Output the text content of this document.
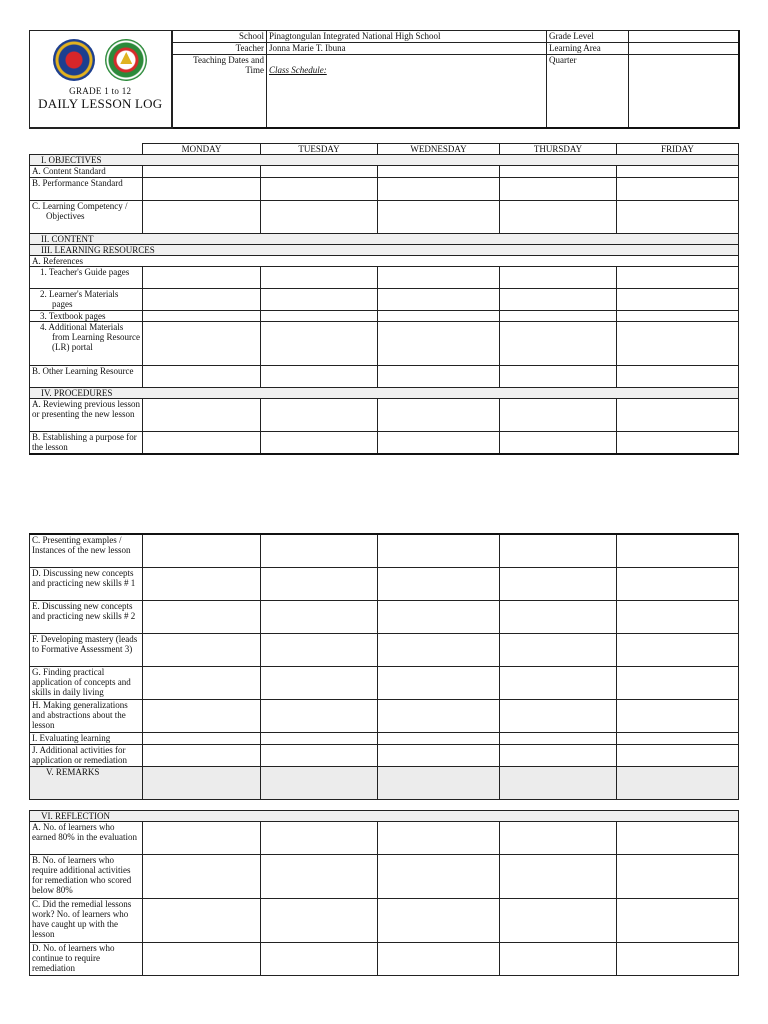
GRADE 1 to 12
DAILY LESSON LOG	School	Pinagtongulan Integrated National High School	Grade Level	
	Teacher	Jonna Marie T. Ibuna	Learning Area	
	Teaching Dates and Time	Class Schedule:	Quarter	

	MONDAY	TUESDAY	WEDNESDAY	THURSDAY	FRIDAY
I. OBJECTIVES					
A. Content Standard					
B. Performance Standard					
C. Learning Competency / Objectives					
II. CONTENT					
III. LEARNING RESOURCES					
A. References					
1. Teacher's Guide pages					
2. Learner's Materials pages					
3. Textbook pages					
4. Additional Materials from Learning Resource (LR) portal					
B. Other Learning Resource					
IV. PROCEDURES					
A. Reviewing previous lesson or presenting the new lesson					
B. Establishing a purpose for the lesson					
C. Presenting examples / Instances of the new lesson					
D. Discussing new concepts and practicing new skills # 1					
E. Discussing new concepts and practicing new skills # 2					
F. Developing mastery (leads to Formative Assessment 3)					
G. Finding practical application of concepts and skills in daily living					
H. Making generalizations and abstractions about the lesson					
I. Evaluating learning					
J. Additional activities for application or remediation					
V. REMARKS					

VI. REFLECTION					
A. No. of learners who earned 80% in the evaluation					
B. No. of learners who require additional activities for remediation who scored below 80%					
C. Did the remedial lessons work? No. of learners who have caught up with the lesson					
D. No. of learners who continue to require remediation					
